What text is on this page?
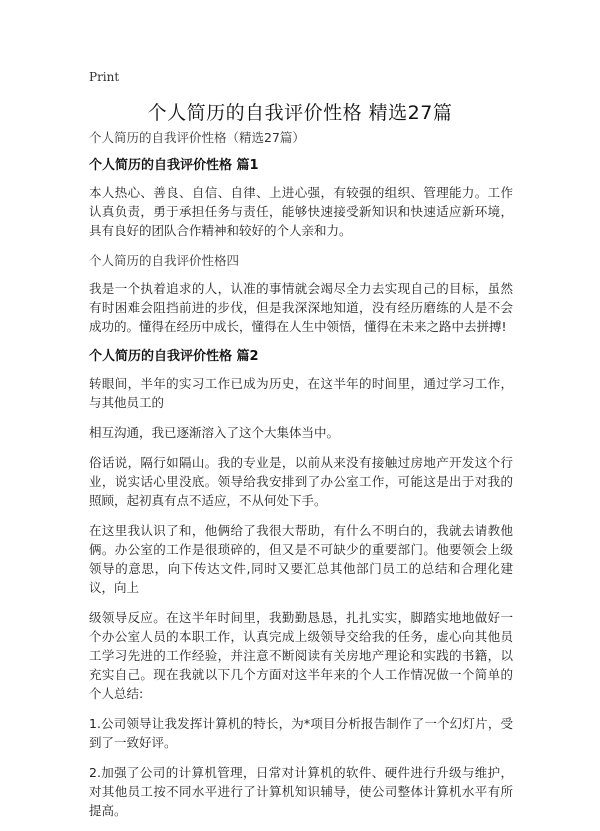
Print
个人简历的自我评价性格 精选27篇

个人简历的自我评价性格（精选27篇）

个人简历的自我评价性格 篇1

本人热心、善良、自信、自律、上进心强，有较强的组织、管理能力。工作认真负责，勇于承担任务与责任，能够快速接受新知识和快速适应新环境，具有良好的团队合作精神和较好的个人亲和力。

个人简历的自我评价性格四

我是一个执着追求的人，认准的事情就会竭尽全力去实现自己的目标，虽然有时困难会阻挡前进的步伐，但是我深深地知道，没有经历磨练的人是不会成功的。懂得在经历中成长，懂得在人生中领悟，懂得在未来之路中去拼搏!

个人简历的自我评价性格 篇2

转眼间，半年的实习工作已成为历史，在这半年的时间里，通过学习工作，与其他员工的

相互沟通，我已逐渐溶入了这个大集体当中。

俗话说，隔行如隔山。我的专业是，以前从来没有接触过房地产开发这个行业，说实话心里没底。领导给我安排到了办公室工作，可能这是出于对我的照顾，起初真有点不适应，不从何处下手。

在这里我认识了和，他俩给了我很大帮助，有什么不明白的，我就去请教他俩。办公室的工作是很琐碎的，但又是不可缺少的重要部门。他要领会上级领导的意思，向下传达文件,同时又要汇总其他部门员工的总结和合理化建议，向上

级领导反应。在这半年时间里，我勤勤恳恳，扎扎实实，脚踏实地地做好一个办公室人员的本职工作，认真完成上级领导交给我的任务，虚心向其他员工学习先进的工作经验，并注意不断阅读有关房地产理论和实践的书籍，以充实自己。现在我就以下几个方面对这半年来的个人工作情况做一个简单的个人总结:

1.公司领导让我发挥计算机的特长，为*项目分析报告制作了一个幻灯片，受到了一致好评。

2.加强了公司的计算机管理，日常对计算机的软件、硬件进行升级与维护，对其他员工按不同水平进行了计算机知识辅导，使公司整体计算机水平有所提高。
